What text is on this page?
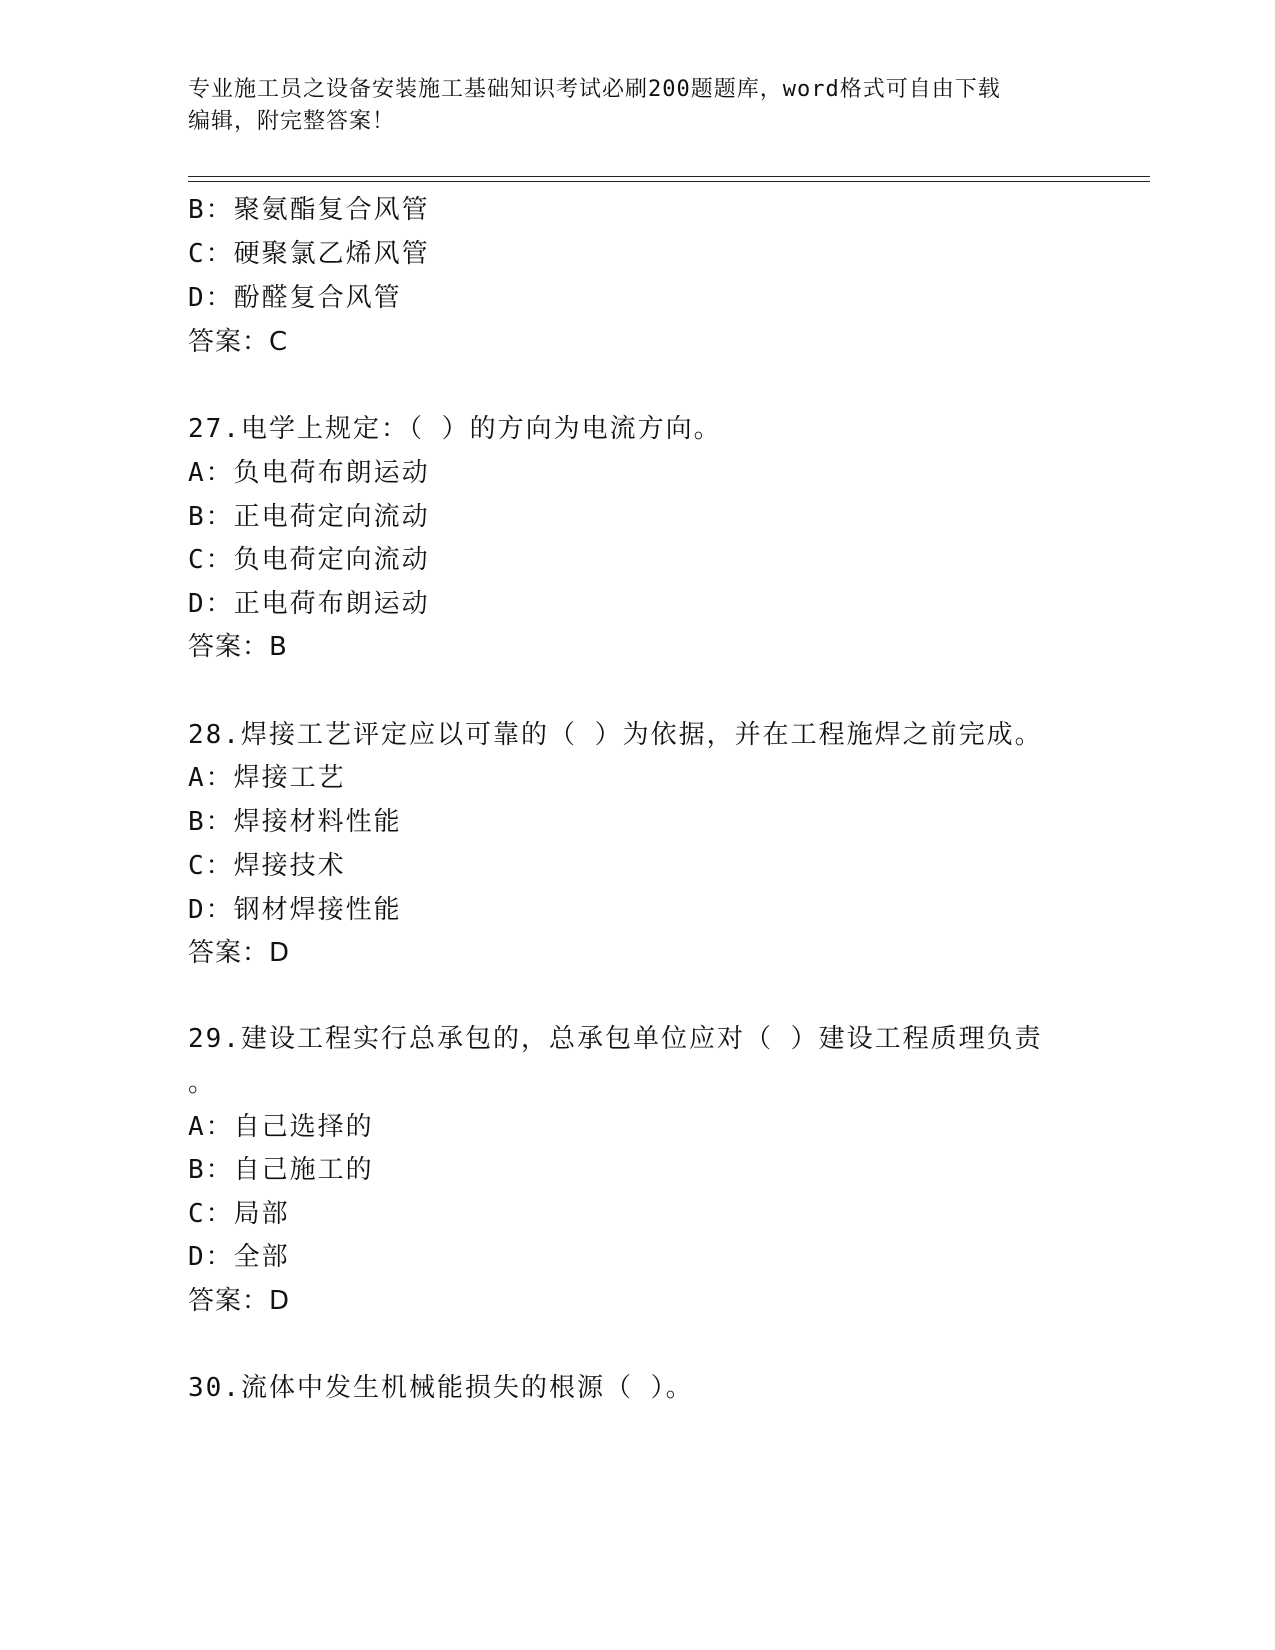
专业施工员之设备安装施工基础知识考试必刷200题题库，word格式可自由下载
编辑，附完整答案！
B：聚氨酯复合风管
C：硬聚氯乙烯风管
D：酚醛复合风管
答案：C
27.电学上规定：（ ）的方向为电流方向。
A：负电荷布朗运动
B：正电荷定向流动
C：负电荷定向流动
D：正电荷布朗运动
答案：B
28.焊接工艺评定应以可靠的（ ）为依据，并在工程施焊之前完成。
A：焊接工艺
B：焊接材料性能
C：焊接技术
D：钢材焊接性能
答案：D
29.建设工程实行总承包的，总承包单位应对（ ）建设工程质理负责
。
A：自己选择的
B：自己施工的
C：局部
D：全部
答案：D
30.流体中发生机械能损失的根源（ ）。
